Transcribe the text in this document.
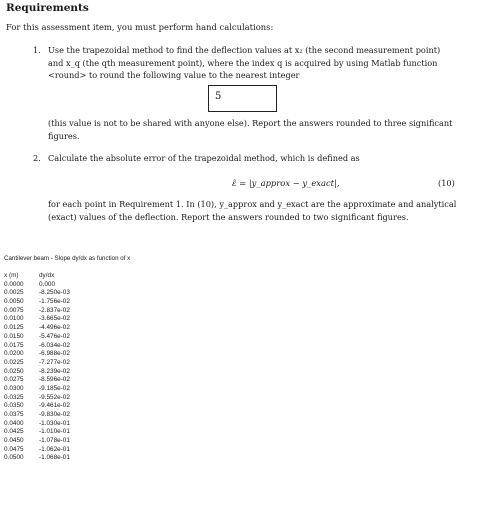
Requirements
For this assessment item, you must perform hand calculations:
1. Use the trapezoidal method to find the deflection values at x₂ (the second measurement point) and x_q (the qth measurement point), where the index q is acquired by using Matlab function <round> to round the following value to the nearest integer
5
(this value is not to be shared with anyone else). Report the answers rounded to three significant figures.
2. Calculate the absolute error of the trapezoidal method, which is defined as
ε̃ = |y_approx − y_exact|,	(10)
for each point in Requirement 1. In (10), y_approx and y_exact are the approximate and analytical (exact) values of the deflection. Report the answers rounded to two significant figures.
Cantilever beam - Slope dy/dx as function of x
x (m)	dy/dx
0.0000	0.000
0.0025	-8.250e-03
0.0050	-1.756e-02
0.0075	-2.837e-02
0.0100	-3.665e-02
0.0125	-4.496e-02
0.0150	-5.476e-02
0.0175	-6.034e-02
0.0200	-6.988e-02
0.0225	-7.277e-02
0.0250	-8.239e-02
0.0275	-8.596e-02
0.0300	-9.185e-02
0.0325	-9.552e-02
0.0350	-9.461e-02
0.0375	-9.830e-02
0.0400	-1.030e-01
0.0425	-1.010e-01
0.0450	-1.078e-01
0.0475	-1.062e-01
0.0500	-1.068e-01
